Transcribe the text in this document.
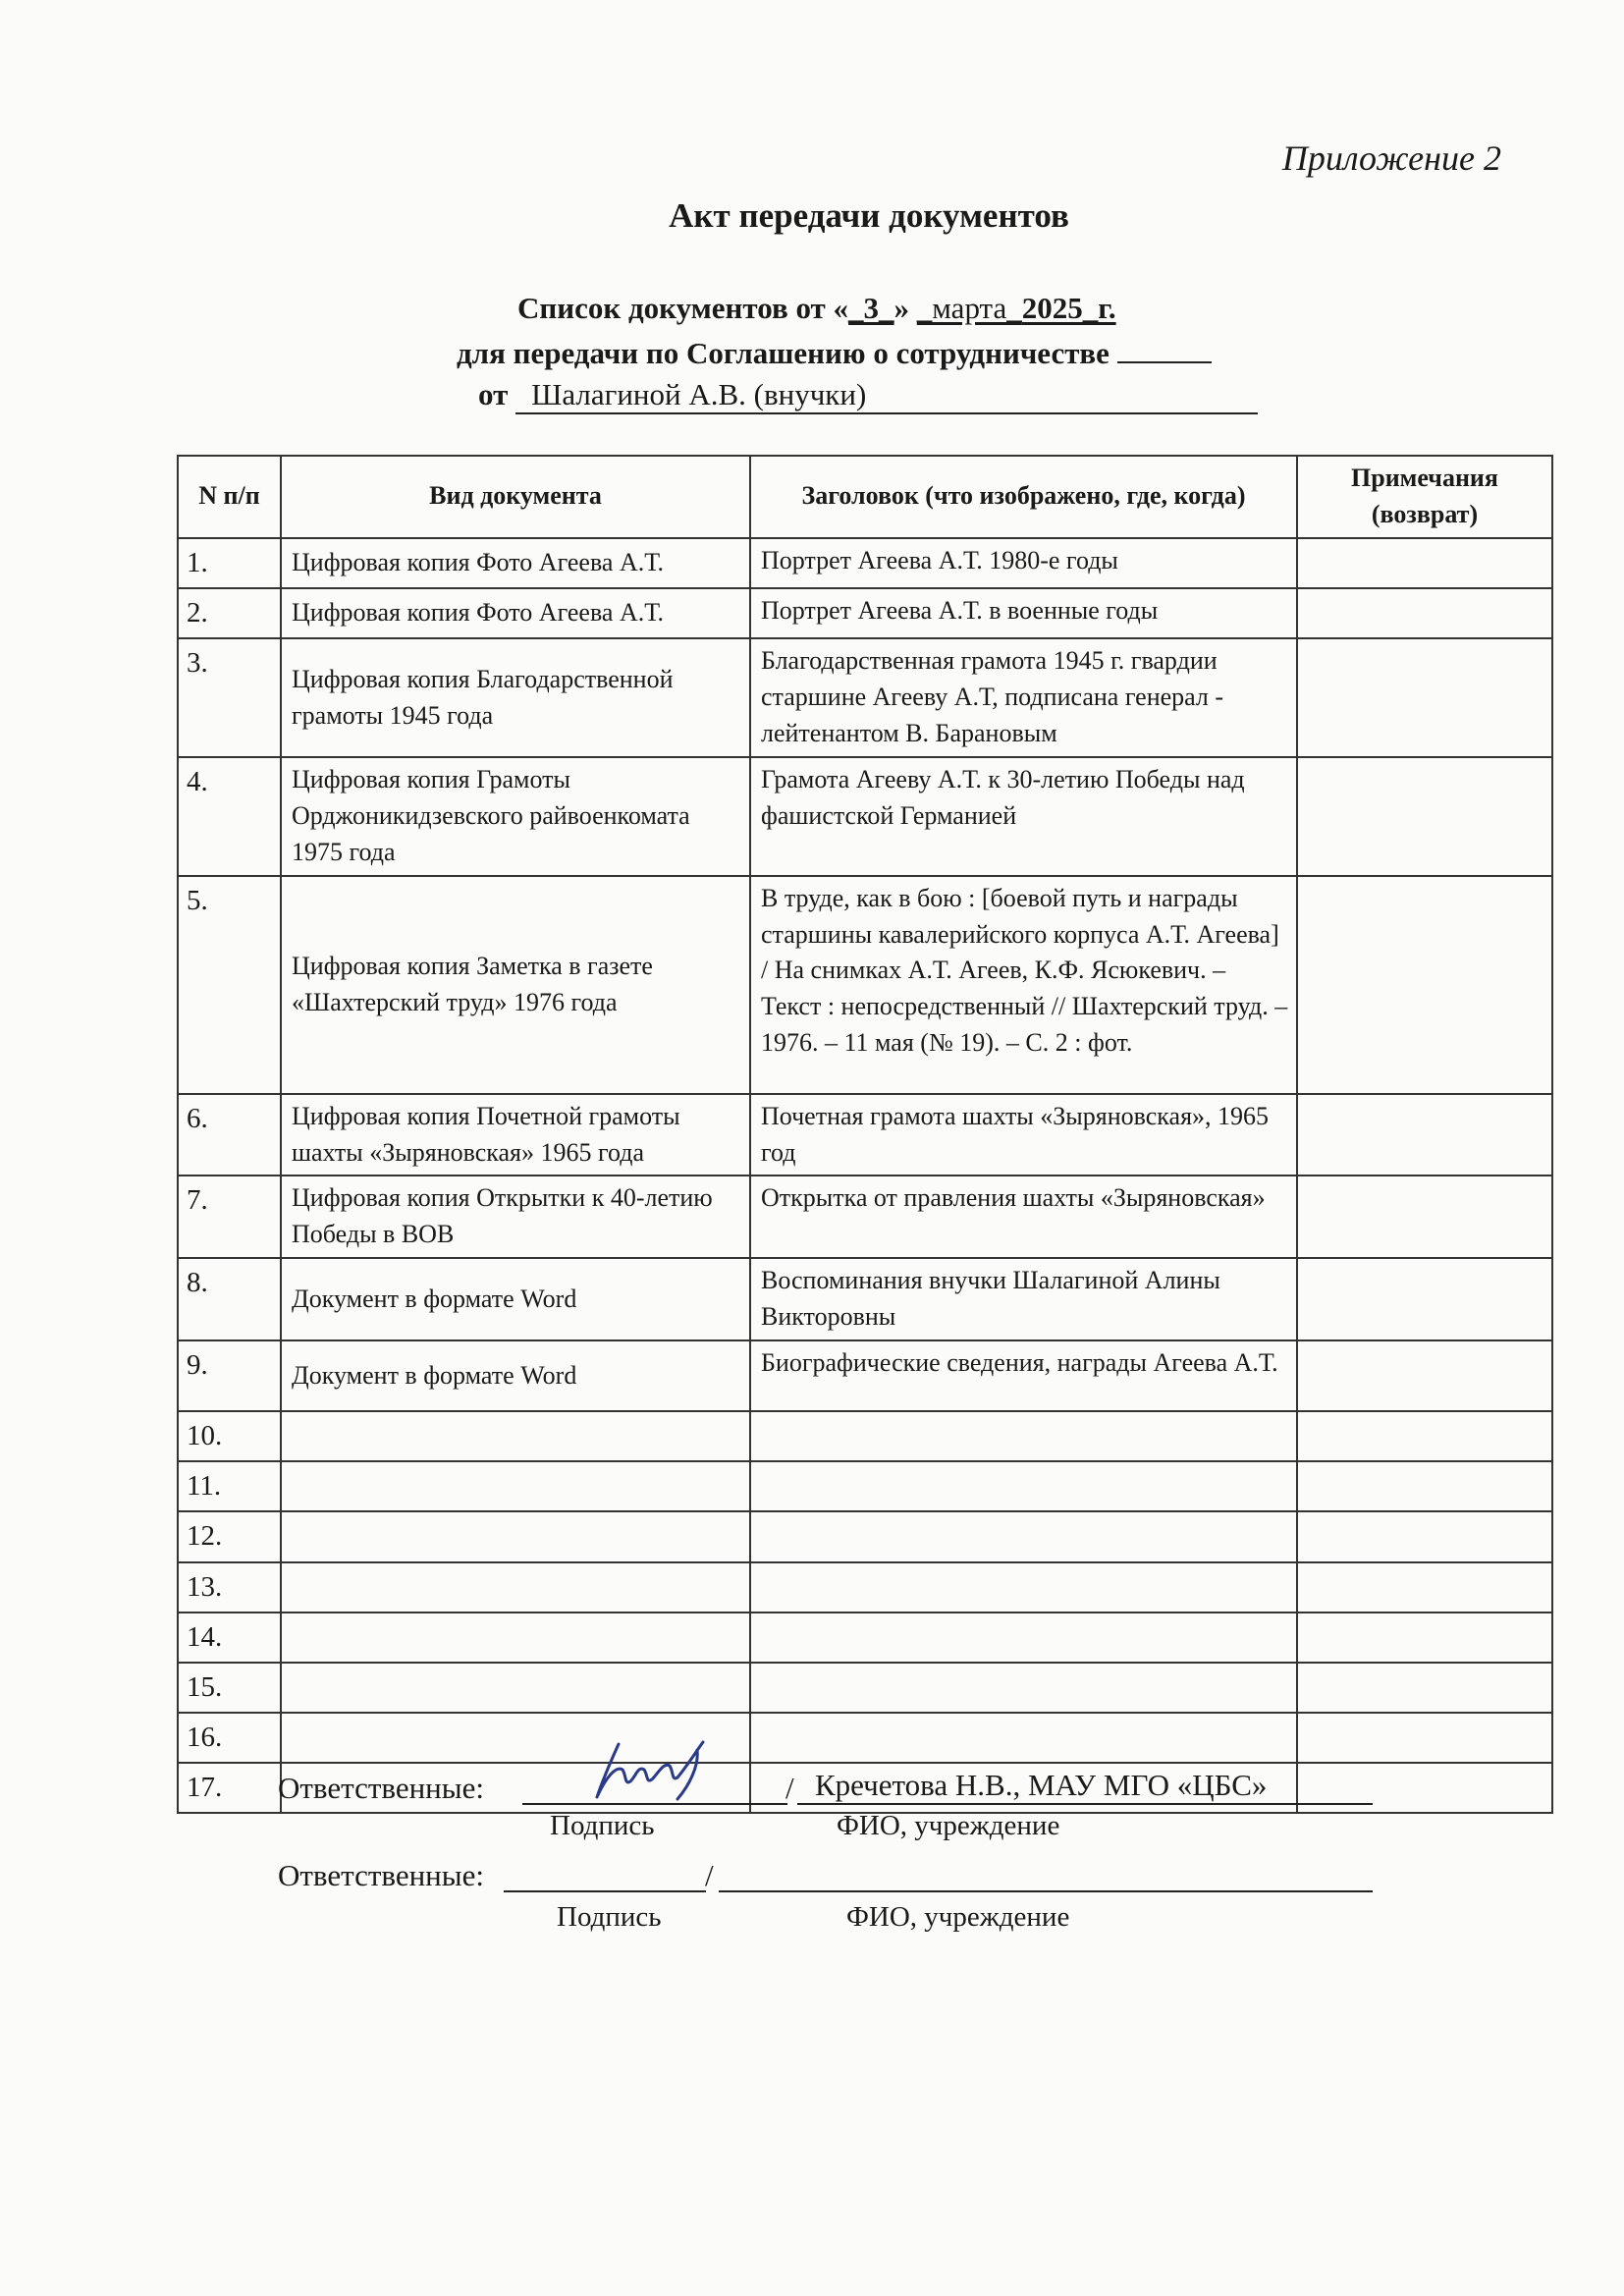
Приложение 2
Акт передачи документов
Список документов от «_3_» _марта_2025_г.
для передачи по Соглашению о сотрудничестве
от Шалагиной А.В. (внучки)
N п/п	Вид документа	Заголовок (что изображено, где, когда)	Примечания (возврат)
1.	Цифровая копия Фото Агеева А.Т.	Портрет Агеева А.Т. 1980-е годы	
2.	Цифровая копия Фото Агеева А.Т.	Портрет Агеева А.Т. в военные годы	
3.	Цифровая копия Благодарственной грамоты 1945 года	Благодарственная грамота 1945 г. гвардии старшине Агееву А.Т, подписана генерал - лейтенантом В. Барановым	
4.	Цифровая копия Грамоты Орджоникидзевского райвоенкомата 1975 года	Грамота Агееву А.Т. к 30-летию Победы над фашистской Германией	
5.	Цифровая копия Заметка в газете «Шахтерский труд» 1976 года	В труде, как в бою : [боевой путь и награды старшины кавалерийского корпуса А.Т. Агеева] / На снимках А.Т. Агеев, К.Ф. Ясюкевич. – Текст : непосредственный // Шахтерский труд. – 1976. – 11 мая (№ 19). – С. 2 : фот.	
6.	Цифровая копия Почетной грамоты шахты «Зыряновская» 1965 года	Почетная грамота шахты «Зыряновская», 1965 год	
7.	Цифровая копия Открытки к 40-летию Победы в ВОВ	Открытка от правления шахты «Зыряновская»	
8.	Документ в формате Word	Воспоминания внучки Шалагиной Алины Викторовны	
9.	Документ в формате Word	Биографические сведения, награды Агеева А.Т.	
10.			
11.			
12.			
13.			
14.			
15.			
16.			
17.			Ответственные:	/ Кречетова Н.В., МАУ МГО «ЦБС»
Подпись	ФИО, учреждение
Ответственные:	/
Подпись	ФИО, учреждение
